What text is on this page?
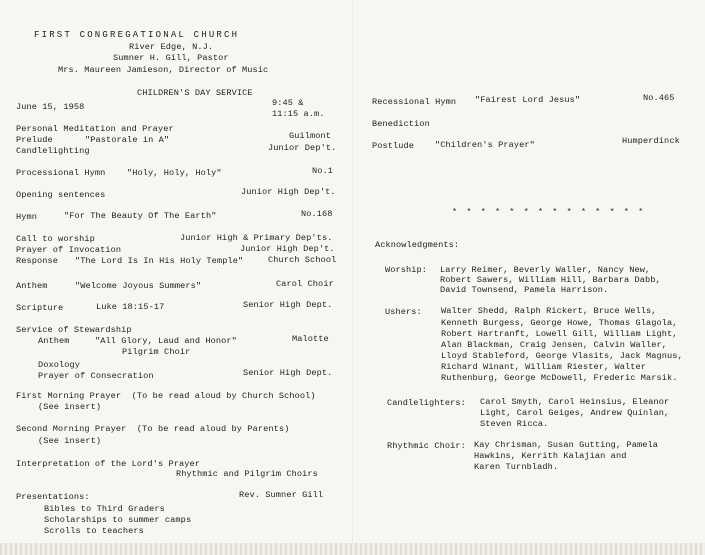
FIRST CONGREGATIONAL CHURCH
River Edge, N.J.
Sumner H. Gill, Pastor
Mrs. Maureen Jamieson, Director of Music
CHILDREN'S DAY SERVICE
June 15, 1958	9:45 &
11:15 a.m.
Personal Meditation and Prayer
Prelude	"Pastorale in A"	Guilmont
Candlelighting	Junior Dep't.
Processional Hymn	"Holy, Holy, Holy"	No.1
Opening sentences	Junior High Dep't.
Hymn	"For The Beauty Of The Earth"	No.168
Call to worship	Junior High & Primary Dep'ts.
Prayer of Invocation	Junior High Dep't.
Response "The Lord Is In His Holy Temple"	Church School
Anthem	"Welcome Joyous Summers"	Carol Choir
Scripture	Luke 18:15-17	Senior High Dept.
Service of Stewardship
Anthem	"All Glory, Laud and Honor"	Malotte
Pilgrim Choir
Doxology
Prayer of Consecration	Senior High Dept.
First Morning Prayer  (To be read aloud by Church School)
(See insert)
Second Morning Prayer  (To be read aloud by Parents)
(See insert)
Interpretation of the Lord's Prayer
Rhythmic and Pilgrim Choirs
Presentations:	Rev. Sumner Gill
Bibles to Third Graders
Scholarships to summer camps
Scrolls to teachers
Recessional Hymn "Fairest Lord Jesus"	No.465
Benediction
Postlude "Children's Prayer"	Humperdinck
* * * * * * * * * * * * * *
Acknowledgments:
Worship: Larry Reimer, Beverly Waller, Nancy New,
Robert Sawers, William Hill, Barbara Dabb,
David Townsend, Pamela Harrison.
Ushers: Walter Shedd, Ralph Rickert, Bruce Wells,
Kenneth Burgess, George Howe, Thomas Glagola,
Robert Hartranft, Lowell Gill, William Light,
Alan Blackman, Craig Jensen, Calvin Waller,
Lloyd Stableford, George Vlasits, Jack Magnus,
Richard Winant, William Riester, Walter
Ruthenburg, George McDowell, Frederic Marsik.
Candlelighters: Carol Smyth, Carol Heinsius, Eleanor
Light, Carol Geiges, Andrew Quinlan,
Steven Ricca.
Rhythmic Choir: Kay Chrisman, Susan Gutting, Pamela
Hawkins, Kerrith Kalajian and
Karen Turnbladh.
